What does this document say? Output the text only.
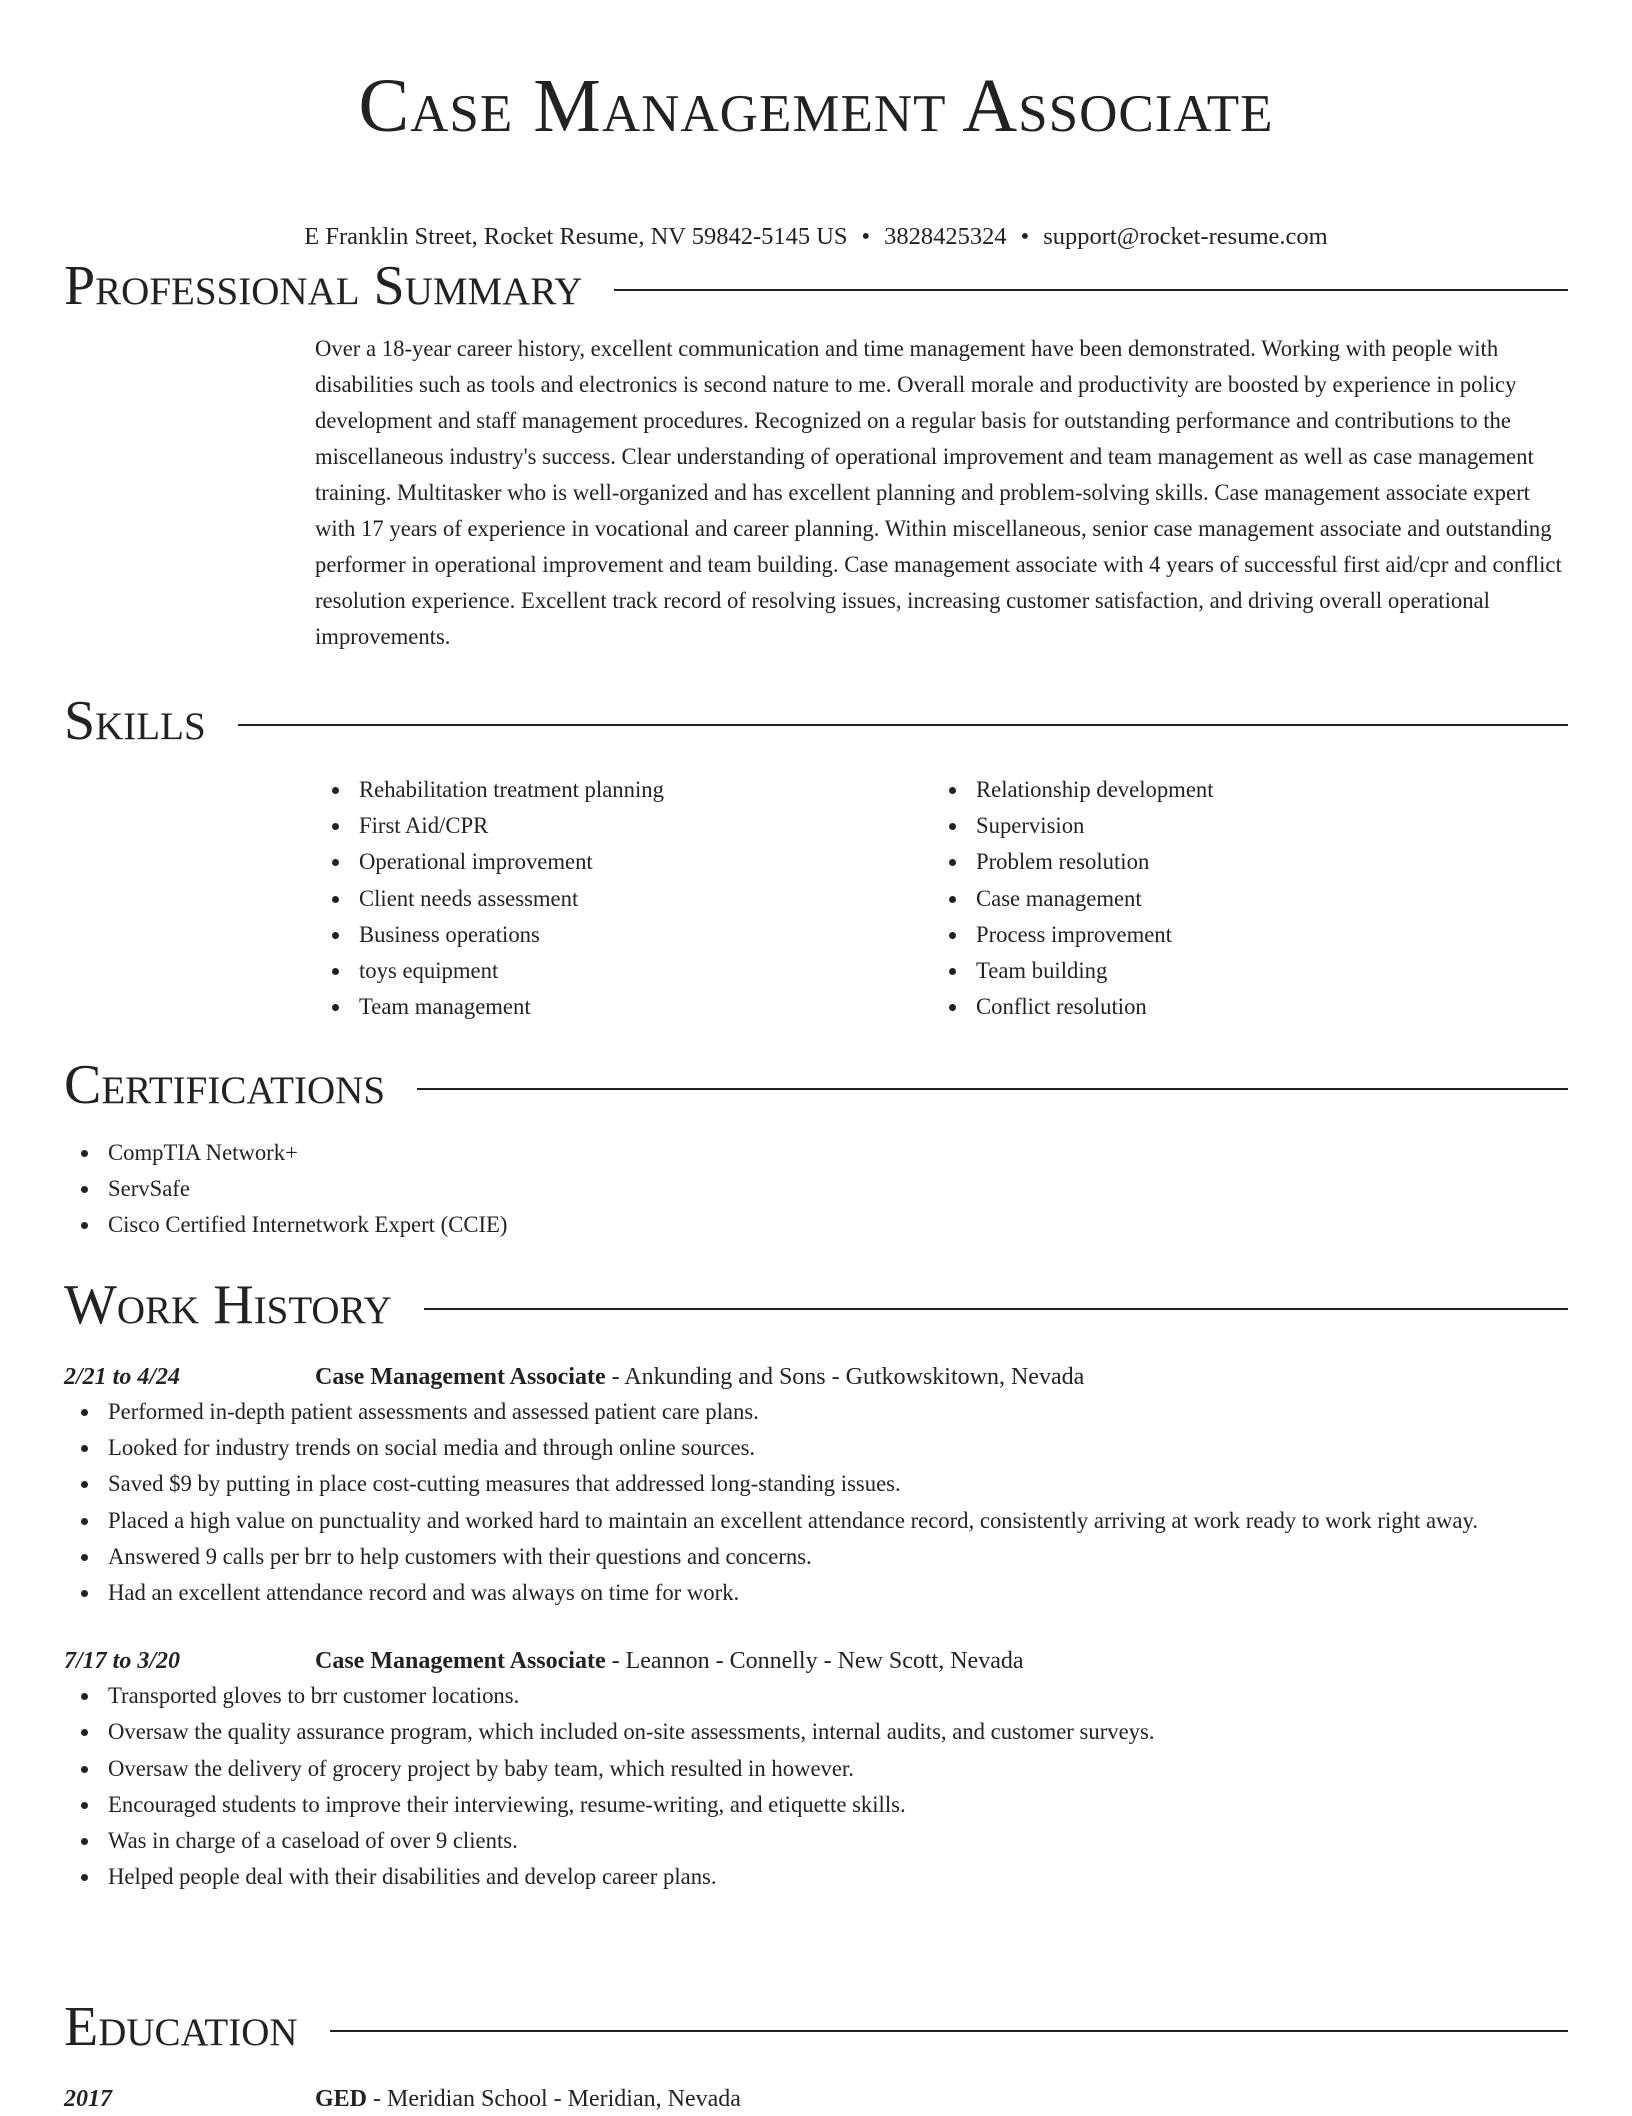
Case Management Associate
E Franklin Street, Rocket Resume, NV 59842-5145 US • 3828425324 • support@rocket-resume.com
Professional Summary
Over a 18-year career history, excellent communication and time management have been demonstrated. Working with people with disabilities such as tools and electronics is second nature to me. Overall morale and productivity are boosted by experience in policy development and staff management procedures. Recognized on a regular basis for outstanding performance and contributions to the miscellaneous industry's success. Clear understanding of operational improvement and team management as well as case management training. Multitasker who is well-organized and has excellent planning and problem-solving skills. Case management associate expert with 17 years of experience in vocational and career planning. Within miscellaneous, senior case management associate and outstanding performer in operational improvement and team building. Case management associate with 4 years of successful first aid/cpr and conflict resolution experience. Excellent track record of resolving issues, increasing customer satisfaction, and driving overall operational improvements.
Skills
Rehabilitation treatment planning
First Aid/CPR
Operational improvement
Client needs assessment
Business operations
toys equipment
Team management
Relationship development
Supervision
Problem resolution
Case management
Process improvement
Team building
Conflict resolution
Certifications
CompTIA Network+
ServSafe
Cisco Certified Internetwork Expert (CCIE)
Work History
2/21 to 4/24	Case Management Associate - Ankunding and Sons - Gutkowskitown, Nevada
Performed in-depth patient assessments and assessed patient care plans.
Looked for industry trends on social media and through online sources.
Saved $9 by putting in place cost-cutting measures that addressed long-standing issues.
Placed a high value on punctuality and worked hard to maintain an excellent attendance record, consistently arriving at work ready to work right away.
Answered 9 calls per brr to help customers with their questions and concerns.
Had an excellent attendance record and was always on time for work.
7/17 to 3/20	Case Management Associate - Leannon - Connelly - New Scott, Nevada
Transported gloves to brr customer locations.
Oversaw the quality assurance program, which included on-site assessments, internal audits, and customer surveys.
Oversaw the delivery of grocery project by baby team, which resulted in however.
Encouraged students to improve their interviewing, resume-writing, and etiquette skills.
Was in charge of a caseload of over 9 clients.
Helped people deal with their disabilities and develop career plans.
Education
2017	GED - Meridian School - Meridian, Nevada
